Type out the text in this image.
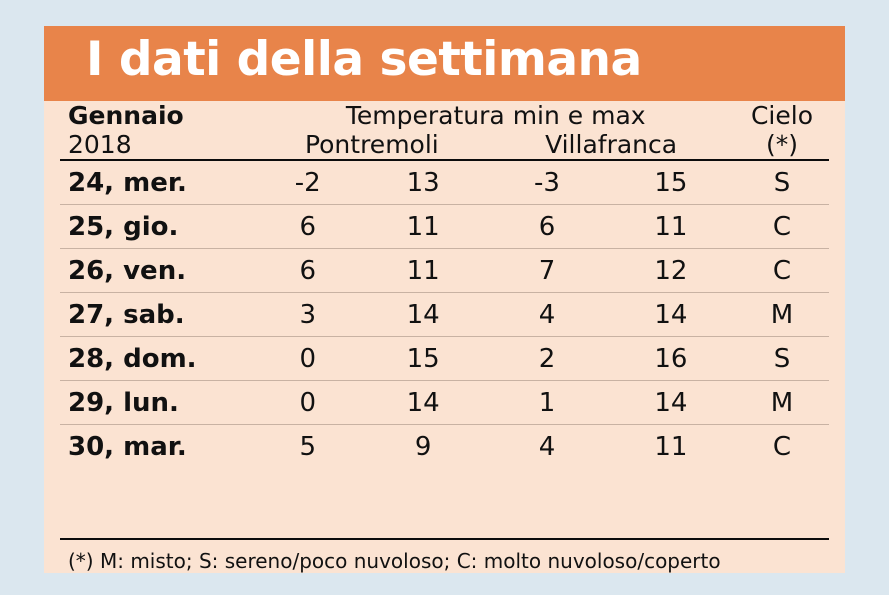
I dati della settimana
Gennaio	Temperatura min e max				Cielo
2018	Pontremoli		Villafranca		(*)

24, mer.	-2	13	-3	15	S
25, gio.	6	11	6	11	C
26, ven.	6	11	7	12	C
27, sab.	3	14	4	14	M
28, dom.	0	15	2	16	S
29, lun.	0	14	1	14	M
30, mar.	5	9	4	11	C
(*) M: misto; S: sereno/poco nuvoloso; C: molto nuvoloso/coperto
